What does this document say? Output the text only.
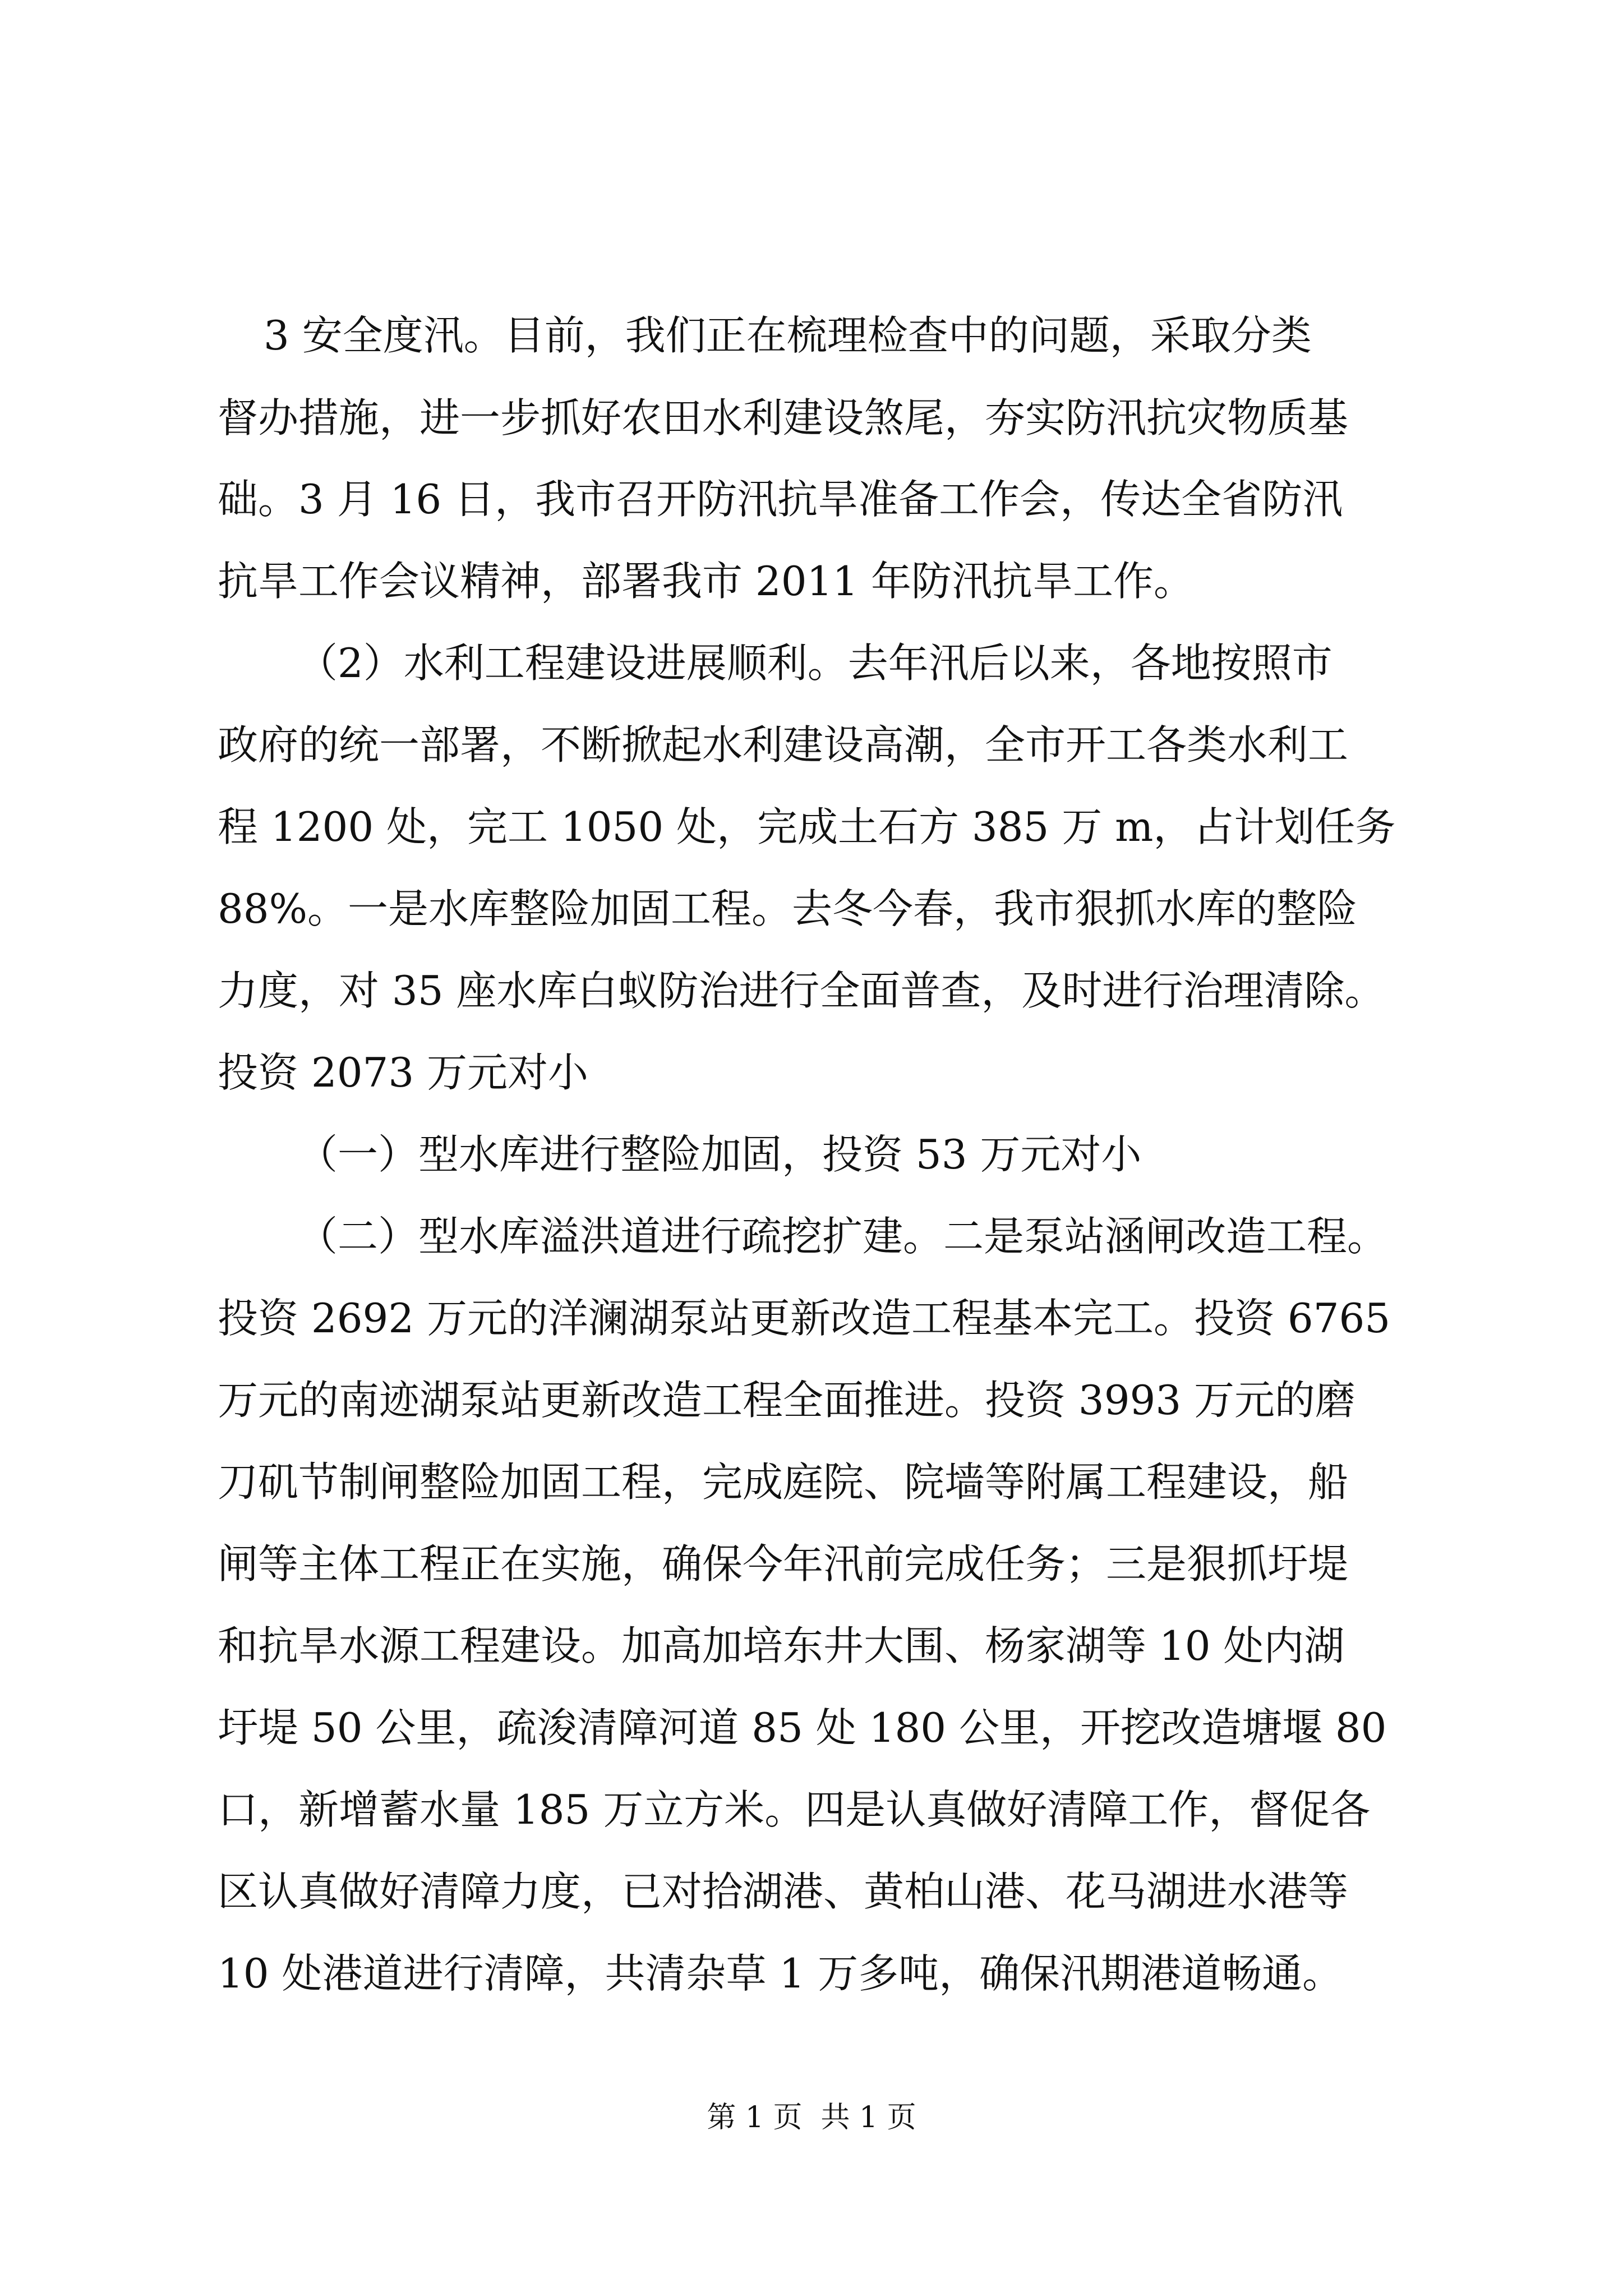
3 安全度汛。目前，我们正在梳理检查中的问题，采取分类
督办措施，进一步抓好农田水利建设煞尾，夯实防汛抗灾物质基
础。3 月 16 日，我市召开防汛抗旱准备工作会，传达全省防汛
抗旱工作会议精神，部署我市 2011 年防汛抗旱工作。
（2）水利工程建设进展顺利。去年汛后以来，各地按照市
政府的统一部署，不断掀起水利建设高潮，全市开工各类水利工
程 1200 处，完工 1050 处，完成土石方 385 万 m，占计划任务
88%。一是水库整险加固工程。去冬今春，我市狠抓水库的整险
力度，对 35 座水库白蚁防治进行全面普查，及时进行治理清除。
投资 2073 万元对小
（一）型水库进行整险加固，投资 53 万元对小
（二）型水库溢洪道进行疏挖扩建。二是泵站涵闸改造工程。
投资 2692 万元的洋澜湖泵站更新改造工程基本完工。投资 6765
万元的南迹湖泵站更新改造工程全面推进。投资 3993 万元的磨
刀矶节制闸整险加固工程，完成庭院、院墙等附属工程建设，船
闸等主体工程正在实施，确保今年汛前完成任务；三是狠抓圩堤
和抗旱水源工程建设。加高加培东井大围、杨家湖等 10 处内湖
圩堤 50 公里，疏浚清障河道 85 处 180 公里，开挖改造塘堰 80
口，新增蓄水量 185 万立方米。四是认真做好清障工作，督促各
区认真做好清障力度，已对拾湖港、黄柏山港、花马湖进水港等
10 处港道进行清障，共清杂草 1 万多吨，确保汛期港道畅通。
第 1 页  共 1 页
